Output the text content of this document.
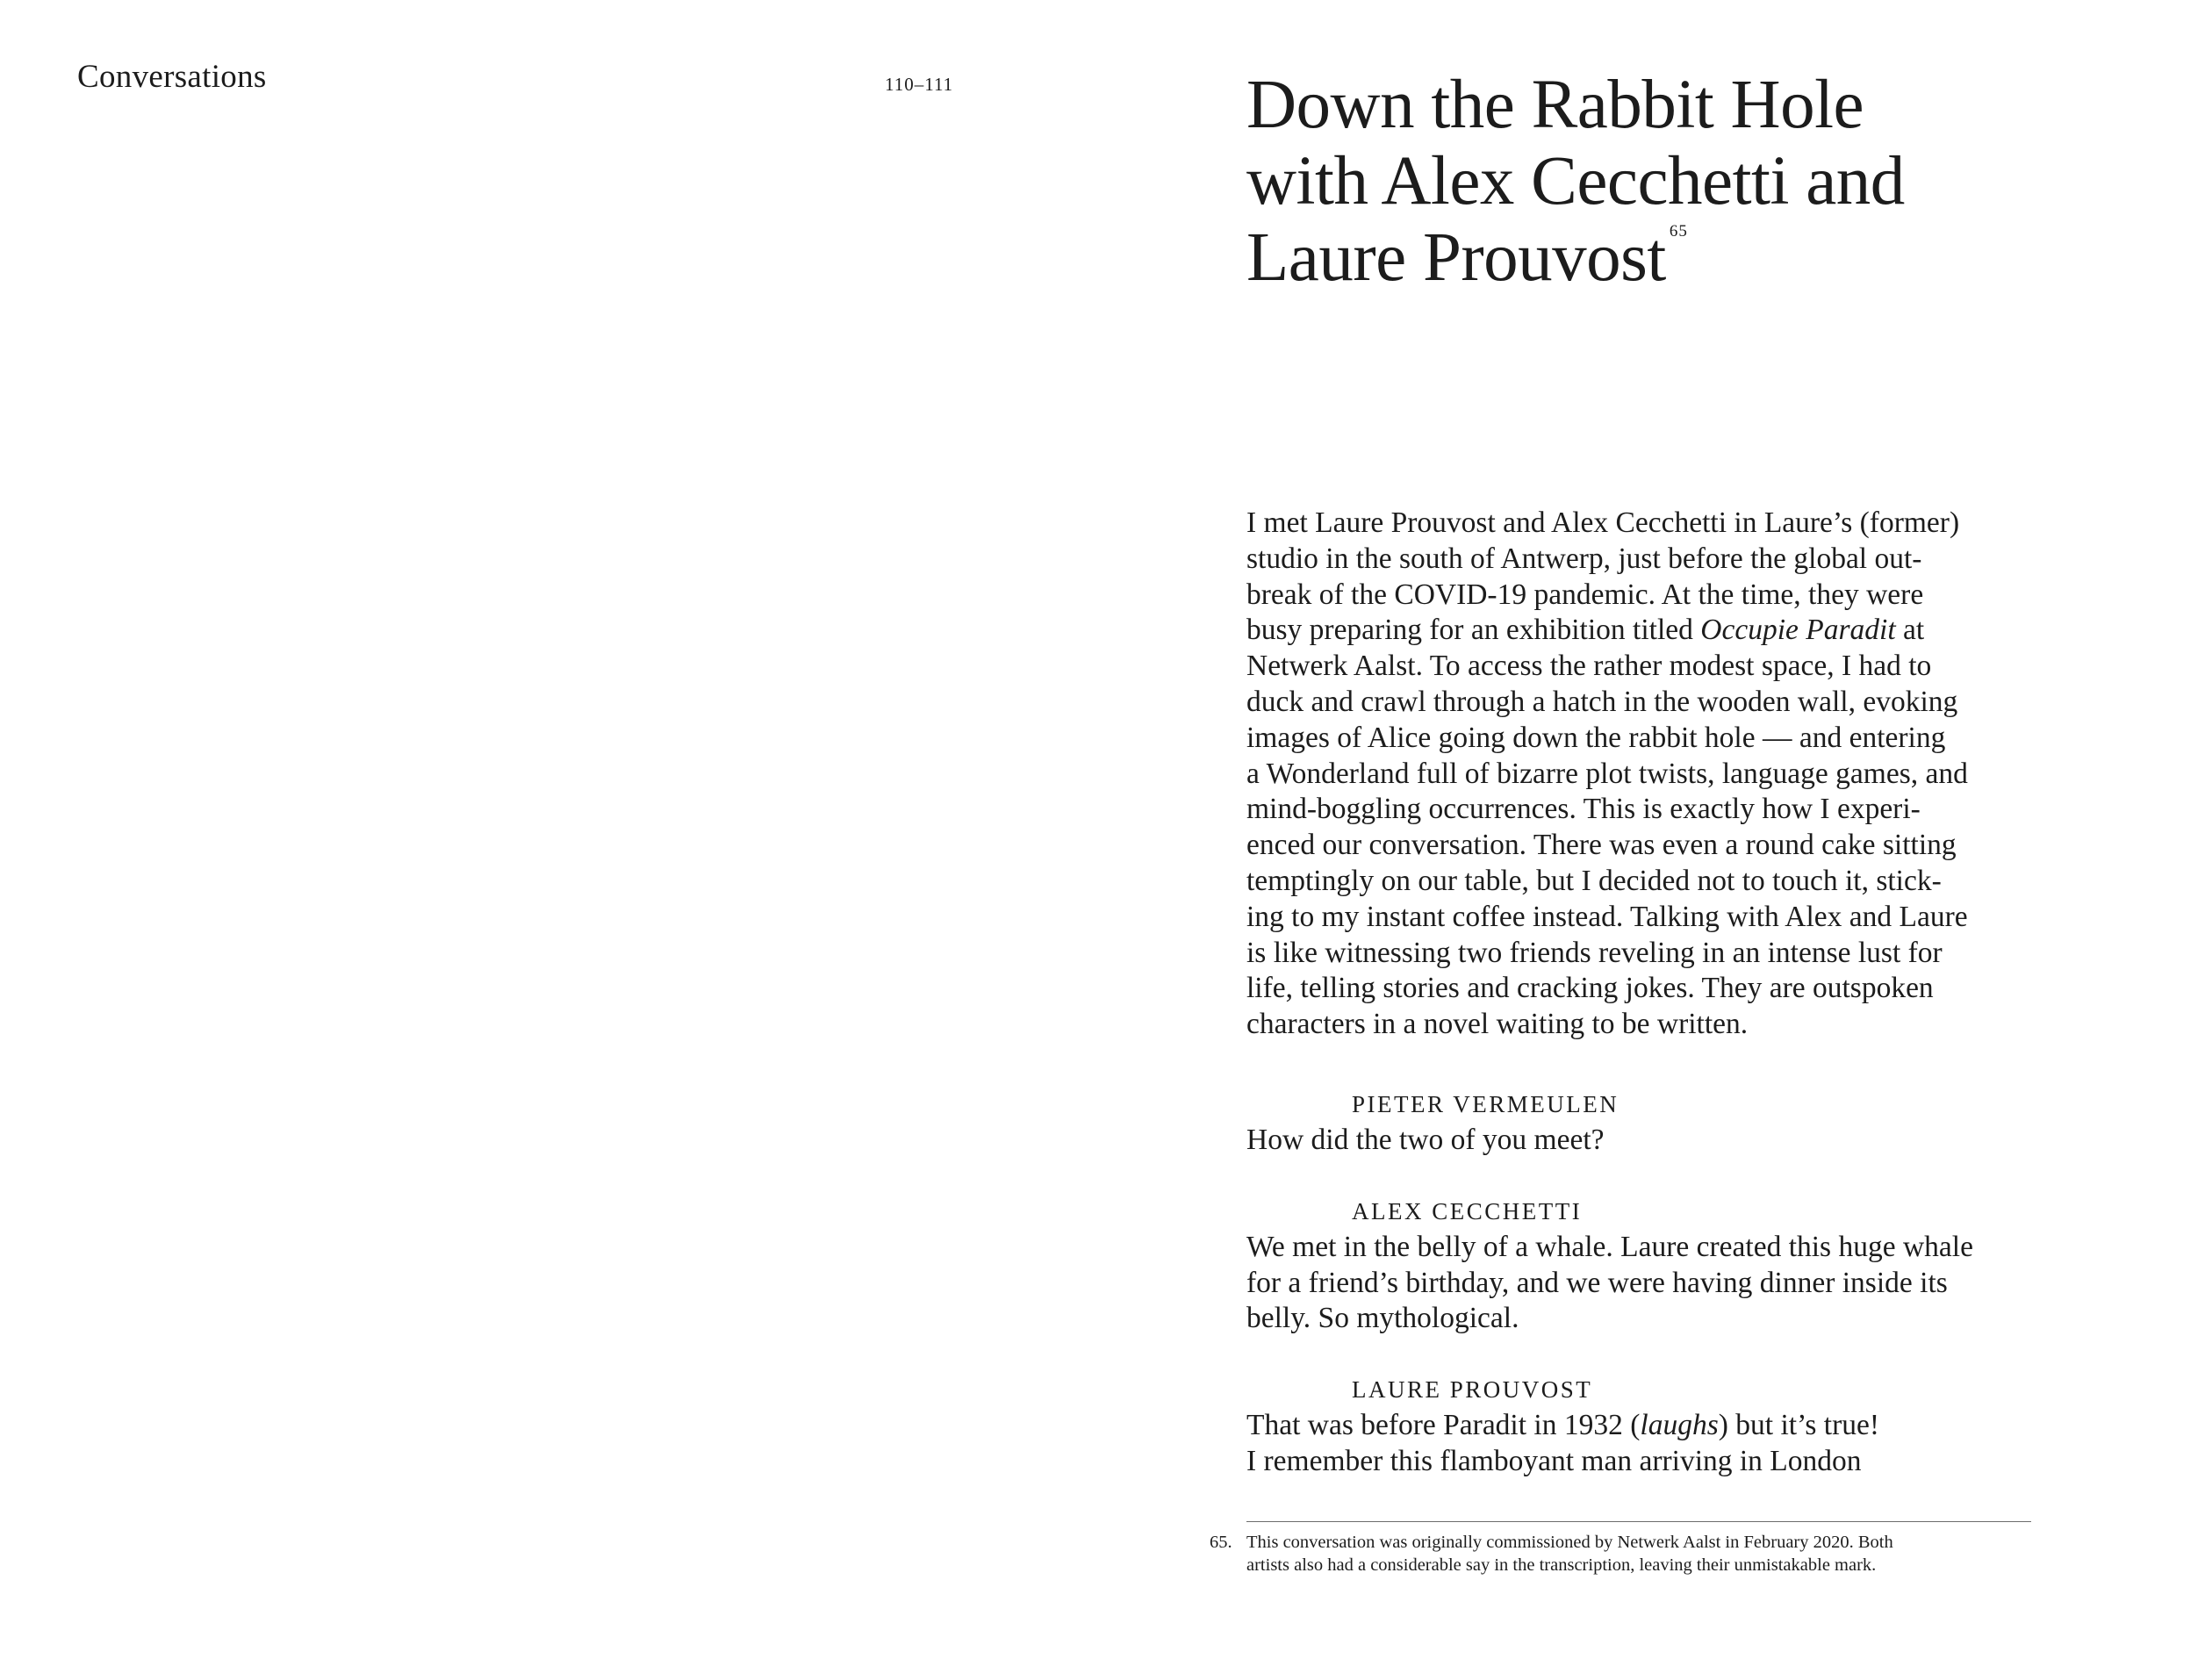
Conversations	110–111	Down the Rabbit Hole
with Alex Cecchetti and
Laure Prouvost $^{65}$

I met Laure Prouvost and Alex Cecchetti in Laure’s (former)
studio in the south of Antwerp, just before the global out-
break of the COVID-19 pandemic. At the time, they were
busy preparing for an exhibition titled Occupie Paradit at
Netwerk Aalst. To access the rather modest space, I had to
duck and crawl through a hatch in the wooden wall, evoking
images of Alice going down the rabbit hole — and entering
a Wonderland full of bizarre plot twists, language games, and
mind-boggling occurrences. This is exactly how I experi-
enced our conversation. There was even a round cake sitting
temptingly on our table, but I decided not to touch it, stick-
ing to my instant coffee instead. Talking with Alex and Laure
is like witnessing two friends reveling in an intense lust for
life, telling stories and cracking jokes. They are outspoken
characters in a novel waiting to be written.

PIETER VERMEULEN
How did the two of you meet?
ALEX CECCHETTI
We met in the belly of a whale. Laure created this huge whale
for a friend’s birthday, and we were having dinner inside its
belly. So mythological.
LAURE PROUVOST
That was before Paradit in 1932 (laughs) but it’s true!
I remember this flamboyant man arriving in London
65. This conversation was originally commissioned by Netwerk Aalst in February 2020. Both
artists also had a considerable say in the transcription, leaving their unmistakable mark.
